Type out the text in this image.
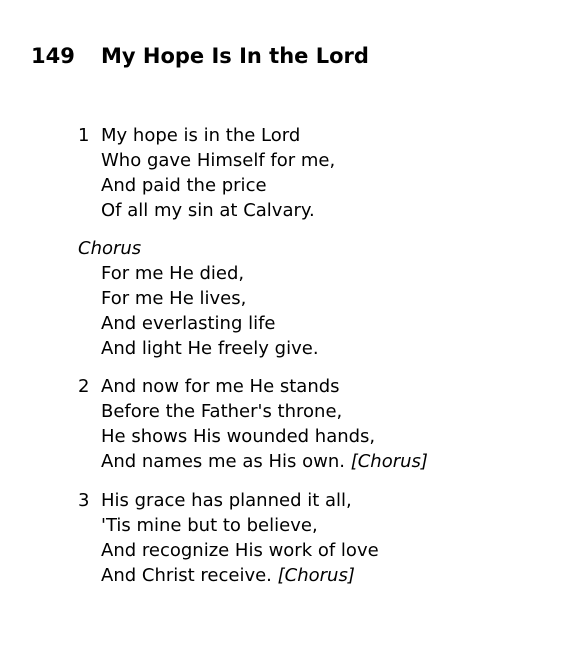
149 My Hope Is In the Lord
1 My hope is in the Lord
Who gave Himself for me,
And paid the price
Of all my sin at Calvary.
Chorus
For me He died,
For me He lives,
And everlasting life
And light He freely give.
2 And now for me He stands
Before the Father's throne,
He shows His wounded hands,
And names me as His own. [Chorus]
3 His grace has planned it all,
'Tis mine but to believe,
And recognize His work of love
And Christ receive. [Chorus]
